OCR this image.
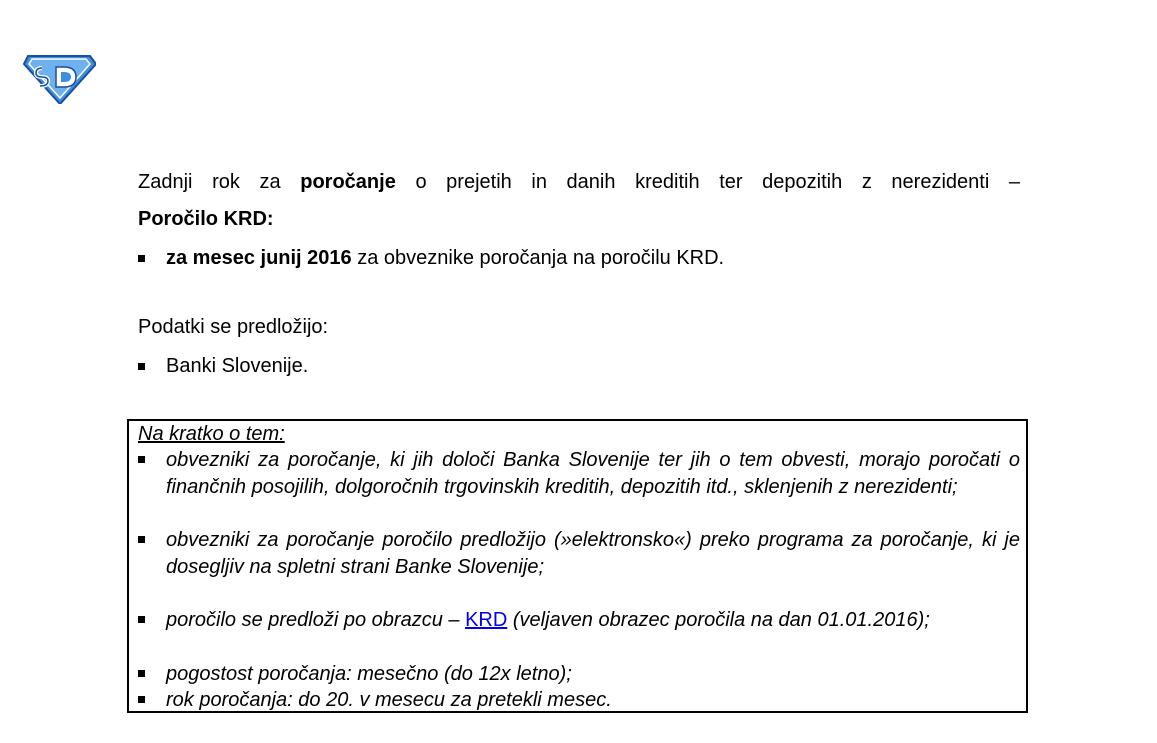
Zadnji rok za poročanje o prejetih in danih kreditih ter depozitih z nerezidenti –
Poročilo KRD:
za mesec junij 2016 za obveznike poročanja na poročilu KRD.
Podatki se predložijo:
Banki Slovenije.
Na kratko o tem:
obvezniki za poročanje, ki jih določi Banka Slovenije ter jih o tem obvesti, morajo poročati o finančnih posojilih, dolgoročnih trgovinskih kreditih, depozitih itd., sklenjenih z nerezidenti;
obvezniki za poročanje poročilo predložijo (»elektronsko«) preko programa za poročanje, ki je dosegljiv na spletni strani Banke Slovenije;
poročilo se predloži po obrazcu – KRD (veljaven obrazec poročila na dan 01.01.2016);
pogostost poročanja: mesečno (do 12x letno);
rok poročanja: do 20. v mesecu za pretekli mesec.
